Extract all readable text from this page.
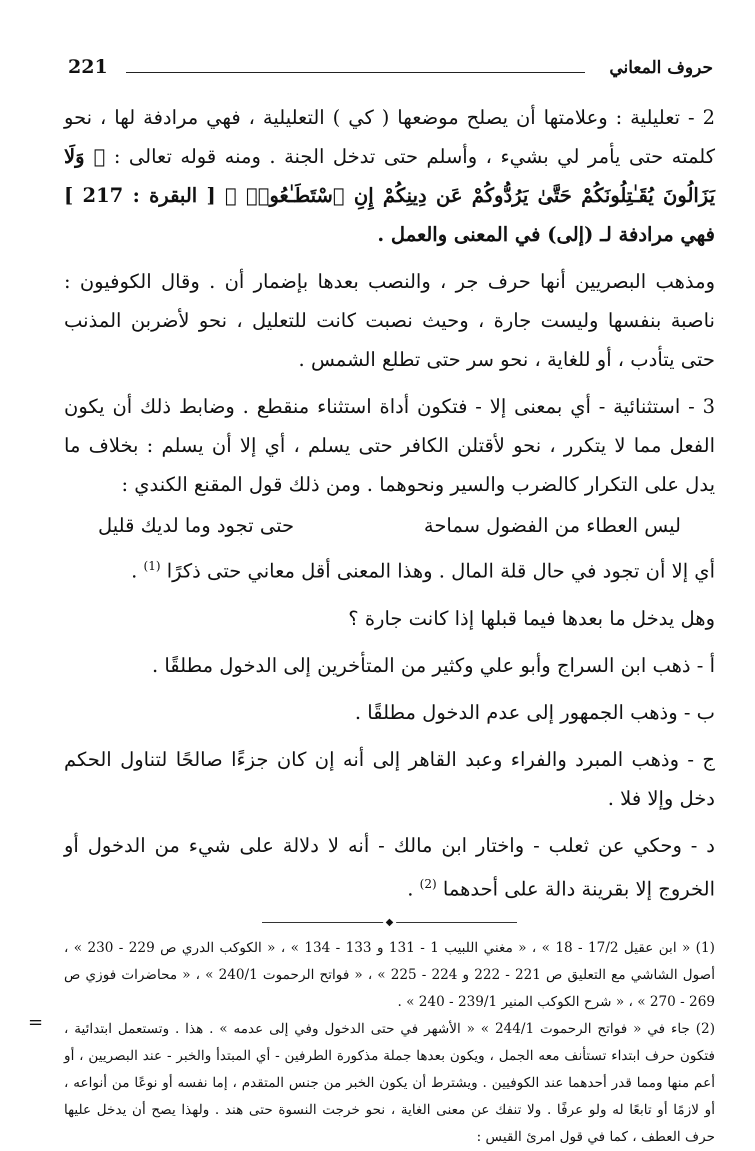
حروف المعاني
221

2 - تعليلية : وعلامتها أن يصلح موضعها ( كي ) التعليلية ، فهي مرادفة لها ، نحو كلمته حتى يأمر لي بشيء ، وأسلم حتى تدخل الجنة . ومنه قوله تعالى : ﴿ وَلَا يَزَالُونَ يُقَـٰتِلُونَكُمْ حَتَّىٰ يَرُدُّوكُمْ عَن دِينِكُمْ إِنِ ٱسْتَطَـٰعُوا۟ ﴾ [ البقرة : 217 ] فهي مرادفة لـ (إلى) في المعنى والعمل .

ومذهب البصريين أنها حرف جر ، والنصب بعدها بإضمار أن . وقال الكوفيون : ناصبة بنفسها وليست جارة ، وحيث نصبت كانت للتعليل ، نحو لأضربن المذنب حتى يتأدب ، أو للغاية ، نحو سر حتى تطلع الشمس .

3 - استثنائية - أي بمعنى إلا - فتكون أداة استثناء منقطع . وضابط ذلك أن يكون الفعل مما لا يتكرر ، نحو لأقتلن الكافر حتى يسلم ، أي إلا أن يسلم : بخلاف ما يدل على التكرار كالضرب والسير ونحوهما . ومن ذلك قول المقنع الكندي :

ليس العطاء من الفضول سماحة
حتى تجود وما لديك قليل

أي إلا أن تجود في حال قلة المال . وهذا المعنى أقل معاني حتى ذكرًا $^{(1)}$ .

وهل يدخل ما بعدها فيما قبلها إذا كانت جارة ؟

أ - ذهب ابن السراج وأبو علي وكثير من المتأخرين إلى الدخول مطلقًا .

ب - وذهب الجمهور إلى عدم الدخول مطلقًا .

ج - وذهب المبرد والفراء وعبد القاهر إلى أنه إن كان جزءًا صالحًا لتناول الحكم دخل وإلا فلا .

د - وحكي عن ثعلب - واختار ابن مالك - أنه لا دلالة على شيء من الدخول أو الخروج إلا بقرينة دالة على أحدهما $^{(2)}$ .

◆

(1) « ابن عقيل 17/2 - 18 » ، « مغني اللبيب 1 - 131 و 133 - 134 » ، « الكوكب الدري ص 229 - 230 » ، أصول الشاشي مع التعليق ص 221 - 222 و 224 - 225 » ، « فواتح الرحموت 240/1 » ، « محاضرات فوزي ص 269 - 270 » ، « شرح الكوكب المنير 239/1 - 240 » .

(2) جاء في « فواتح الرحموت 244/1 » « الأشهر في حتى الدخول وفي إلى عدمه » . هذا . وتستعمل ابتدائية ، فتكون حرف ابتداء تستأنف معه الجمل ، ويكون بعدها جملة مذكورة الطرفين - أي المبتدأ والخبر - عند البصريين ، أو أعم منها ومما قدر أحدهما عند الكوفيين . ويشترط أن يكون الخبر من جنس المتقدم ، إما نفسه أو نوعًا من أنواعه ، أو لازمًا أو تابعًا له ولو عرفًا . ولا تنفك عن معنى الغاية ، نحو خرجت النسوة حتى هند . ولهذا يصح أن يدخل عليها حرف العطف ، كما في قول امرئ القيس :

=
